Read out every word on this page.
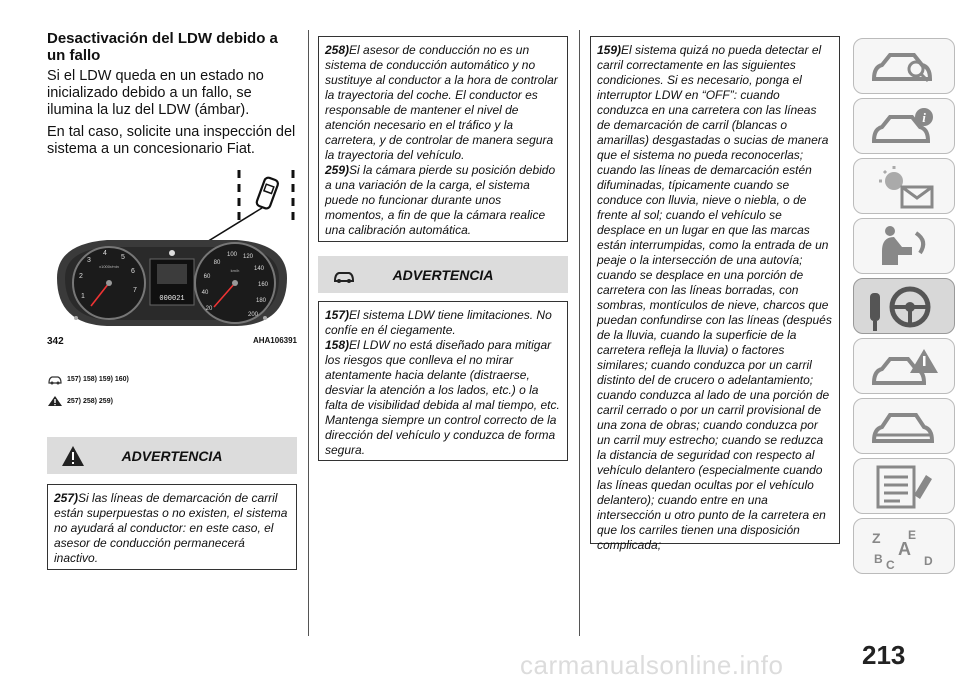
Desactivación del LDW debido a un fallo

Si el LDW queda en un estado no inicializado debido a un fallo, se ilumina la luz del LDW (ámbar).

En tal caso, solicite una inspección del sistema a un concesionario Fiat.

1
2
3
4
5
6
7
x1000r/min
000021
20
40
60
80
100 120
140
160
180
200
km/h
342	AHA106391
157) 158) 159) 160)
257) 258) 259)
ADVERTENCIA

257)Si las líneas de demarcación de carril están superpuestas o no existen, el sistema no ayudará al conductor: en este caso, el asesor de conducción permanecerá inactivo.

258)El asesor de conducción no es un sistema de conducción automático y no sustituye al conductor a la hora de controlar la trayectoria del coche. El conductor es responsable de mantener el nivel de atención necesario en el tráfico y la carretera, y de controlar de manera segura la trayectoria del vehículo.

259)Si la cámara pierde su posición debido a una variación de la carga, el sistema puede no funcionar durante unos momentos, a fin de que la cámara realice una calibración automática.

ADVERTENCIA

157)El sistema LDW tiene limitaciones. No confíe en él ciegamente.

158)El LDW no está diseñado para mitigar los riesgos que conlleva el no mirar atentamente hacia delante (distraerse, desviar la atención a los lados, etc.) o la falta de visibilidad debida al mal tiempo, etc. Mantenga siempre un control correcto de la dirección del vehículo y conduzca de forma segura.

159)El sistema quizá no pueda detectar el carril correctamente en las siguientes condiciones. Si es necesario, ponga el interruptor LDW en “OFF”: cuando conduzca en una carretera con las líneas de demarcación de carril (blancas o amarillas) desgastadas o sucias de manera que el sistema no pueda reconocerlas; cuando las líneas de demarcación estén difuminadas, típicamente cuando se conduce con lluvia, nieve o niebla, o de frente al sol; cuando el vehículo se desplace en un lugar en que las marcas están interrumpidas, como la entrada de un peaje o la intersección de una autovía; cuando se desplace en una porción de carretera con las líneas borradas, con sombras, montículos de nieve, charcos que puedan confundirse con las líneas (después de la lluvia, cuando la superficie de la carretera refleja la lluvia) o factores similares; cuando conduzca por un carril distinto del de crucero o adelantamiento; cuando conduzca al lado de una porción de carril cerrado o por un carril provisional de una zona de obras; cuando conduzca por un carril muy estrecho; cuando se reduzca la distancia de seguridad con respecto al vehículo delantero (especialmente cuando las líneas quedan ocultas por el vehículo delantero); cuando entre en una intersección u otro punto de la carretera en que los carriles tienen una disposición complicada;

i
Z E
A
B C D
213
carmanualsonline.info
